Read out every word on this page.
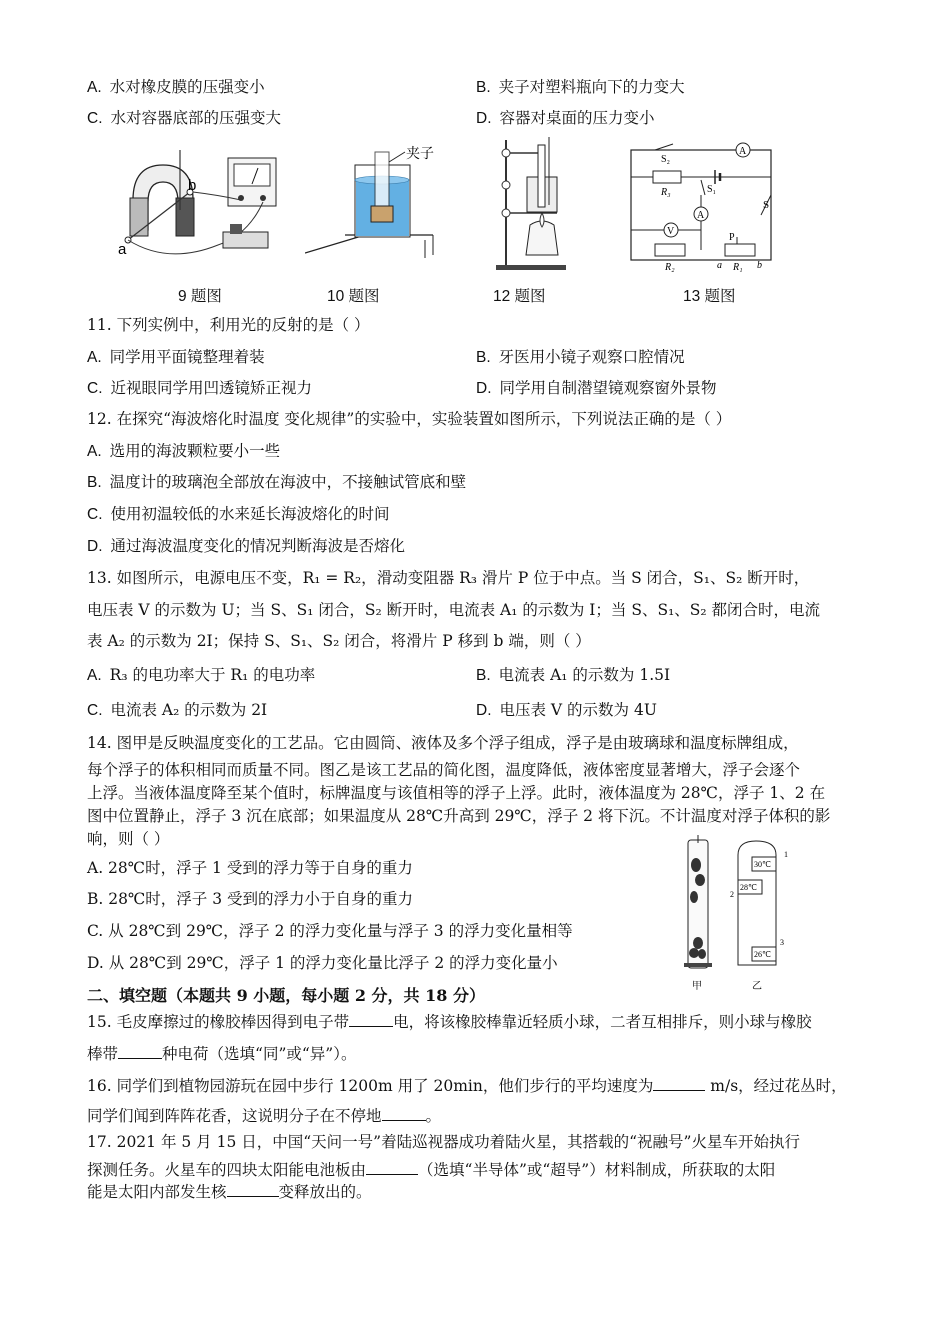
A. 水对橡皮膜的压强变小	B. 夹子对塑料瓶向下的力变大
C. 水对容器底部的压强变大	D. 容器对桌面的压力变小
b
a
夹子	S₂
A
R₃	S₁
A
S
V
R₂
P
a R₁ b
9 题图	10 题图	12 题图	13 题图
11. 下列实例中，利用光的反射的是（ ）
A. 同学用平面镜整理着装	B. 牙医用小镜子观察口腔情况
C. 近视眼同学用凹透镜矫正视力	D. 同学用自制潜望镜观察窗外景物
12. 在探究“海波熔化时温度 变化规律”的实验中，实验装置如图所示，下列说法正确的是（ ）
A. 选用的海波颗粒要小一些
B. 温度计的玻璃泡全部放在海波中，不接触试管底和壁
C. 使用初温较低的水来延长海波熔化的时间
D. 通过海波温度变化的情况判断海波是否熔化
13. 如图所示，电源电压不变，R₁ = R₂，滑动变阻器 R₃ 滑片 P 位于中点。当 S 闭合，S₁、S₂ 断开时，
电压表 V 的示数为 U；当 S、S₁ 闭合，S₂ 断开时，电流表 A₁ 的示数为 I；当 S、S₁、S₂ 都闭合时，电流
表 A₂ 的示数为 2I；保持 S、S₁、S₂ 闭合，将滑片 P 移到 b 端，则（ ）
A. R₃ 的电功率大于 R₁ 的电功率	B. 电流表 A₁ 的示数为 1.5I
C. 电流表 A₂ 的示数为 2I	D. 电压表 V 的示数为 4U
14. 图甲是反映温度变化的工艺品。它由圆筒、液体及多个浮子组成，浮子是由玻璃球和温度标牌组成，
每个浮子的体积相同而质量不同。图乙是该工艺品的简化图，温度降低，液体密度显著增大，浮子会逐个
上浮。当液体温度降至某个值时，标牌温度与该值相等的浮子上浮。此时，液体温度为 28℃，浮子 1、2 在
图中位置静止，浮子 3 沉在底部；如果温度从 28℃升高到 29℃，浮子 2 将下沉。不计温度对浮子体积的影
响，则（ ）
A. 28℃时，浮子 1 受到的浮力等于自身的重力
B. 28℃时，浮子 3 受到的浮力小于自身的重力
C. 从 28℃到 29℃，浮子 2 的浮力变化量与浮子 3 的浮力变化量相等
D. 从 28℃到 29℃，浮子 1 的浮力变化量比浮子 2 的浮力变化量小
甲
30℃
1
28℃
2
26℃
3
乙
二、填空题（本题共 9 小题，每小题 2 分，共 18 分）
15. 毛皮摩擦过的橡胶棒因得到电子带	电，将该橡胶棒靠近轻质小球，二者互相排斥，则小球与橡胶
棒带	种电荷（选填“同”或“异”）。
16. 同学们到植物园游玩在园中步行 1200m 用了 20min，他们步行的平均速度为	m/s，经过花丛时，
同学们闻到阵阵花香，这说明分子在不停地	。
17. 2021 年 5 月 15 日，中国“天问一号”着陆巡视器成功着陆火星，其搭载的“祝融号”火星车开始执行
探测任务。火星车的四块太阳能电池板由	（选填“半导体”或“超导”）材料制成，所获取的太阳
能是太阳内部发生核	变释放出的。
